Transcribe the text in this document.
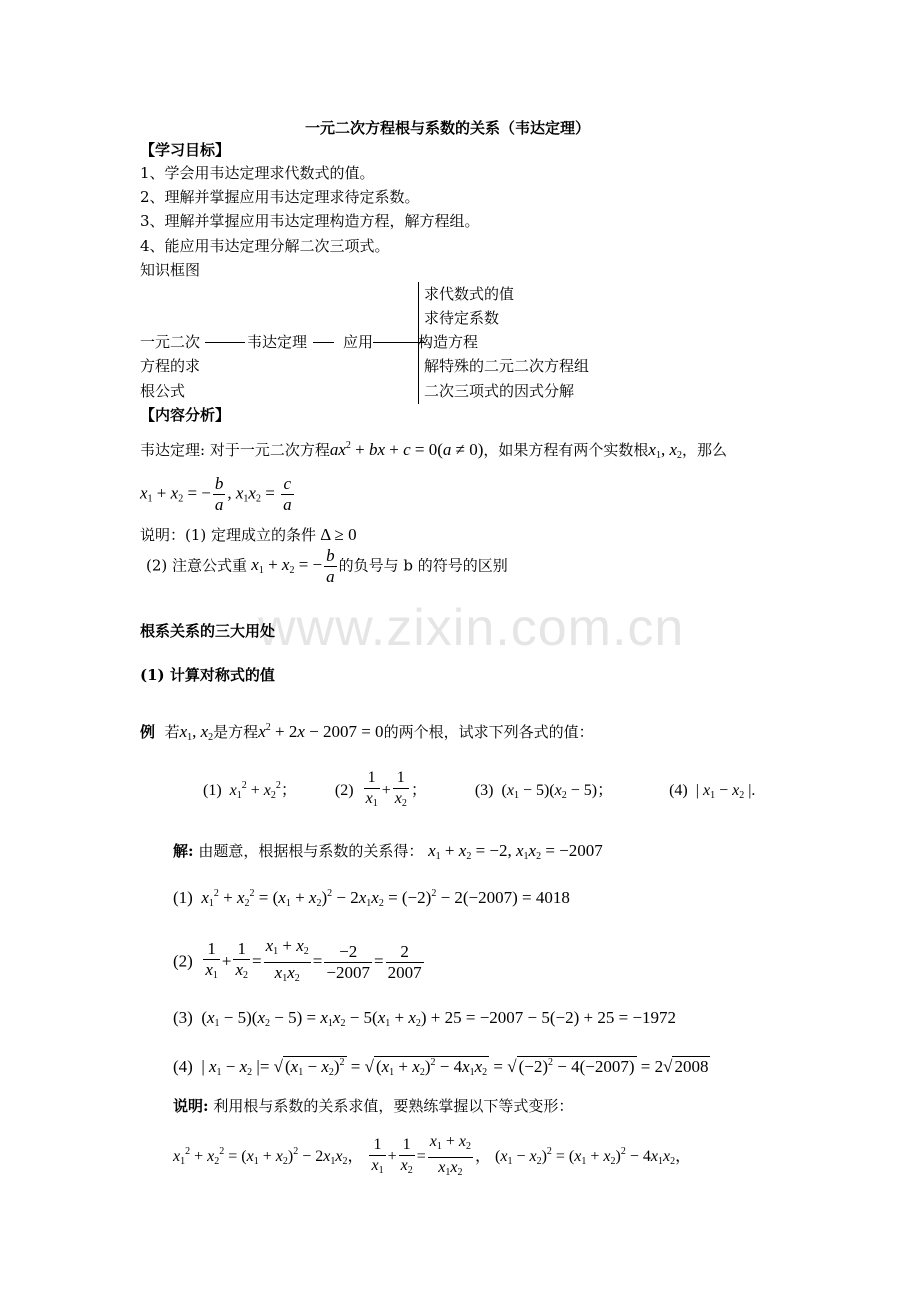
一元二次方程根与系数的关系（韦达定理）
【学习目标】
1、学会用韦达定理求代数式的值。
2、理解并掌握应用韦达定理求待定系数。
3、理解并掌握应用韦达定理构造方程，解方程组。
4、能应用韦达定理分解二次三项式。
知识框图
一元二次
方程的求
根公式
韦达定理 应用
求代数式的值
求待定系数
构造方程
解特殊的二元二次方程组
二次三项式的因式分解
【内容分析】
韦达定理: 对于一元二次方程$ax^2$ + bx + c = 0(a ≠ 0)，如果方程有两个实数根$x_1$, $x_2$，那么
$x_1 + x_2$ = − $\frac{b}{a}$ , $x_1x_2 = \frac{c}{a}$
说明：(1) 定理成立的条件 Δ ≥ 0
(2) 注意公式重 $x_1 + x_2$ = − $\frac{b}{a}$ 的负号与 b 的符号的区别
www.zixin.com.cn
根系关系的三大用处
(1) 计算对称式的值
例 若$x_1$, $x_2$是方程$x^2 + 2x - 2007 = 0$的两个根，试求下列各式的值：
(1)  $x_1^2 + x_2^2$； $(2) \frac{1}{x_1} + \frac{1}{x_2}$ ；	(3)  $(x_1 - 5)(x_2 - 5)$；	(4)  | $x_1 - x_2$ |.
解: 由题意，根据根与系数的关系得： $x_1 + x_2 = -2$, $x_1x_2 = -2007$
(1)  $x_1^2 + x_2^2 = (x_1 + x_2)^2 - 2x_1x_2 = (-2)^2 - 2(-2007) = 4018$
$(2) \frac{1}{x_1} + \frac{1}{x_2} = \frac{x_1 + x_2}{x_1x_2} = \frac{-2}{-2007} = \frac{2}{2007}$
(3)  $(x_1 - 5)(x_2 - 5) = x_1x_2 - 5(x_1 + x_2) + 25 = -2007 - 5(-2) + 25 = -1972$
(4)  | $x_1 - x_2$ |= √ $(x_1 - x_2)^2$ = √ $(x_1 + x_2)^2 - 4x_1x_2$ = √ $(-2)^2 - 4(-2007) = 2√$ 2008
说明: 利用根与系数的关系求值，要熟练掌握以下等式变形：
$x_1^2 + x_2^2 = (x_1 + x_2)^2 - 2x_1x_2$， $\frac{1}{x_1} + \frac{1}{x_2} = \frac{x_1 + x_2}{x_1x_2}$ ， $(x_1 - x_2)^2 = (x_1 + x_2)^2 - 4x_1x_2$，
